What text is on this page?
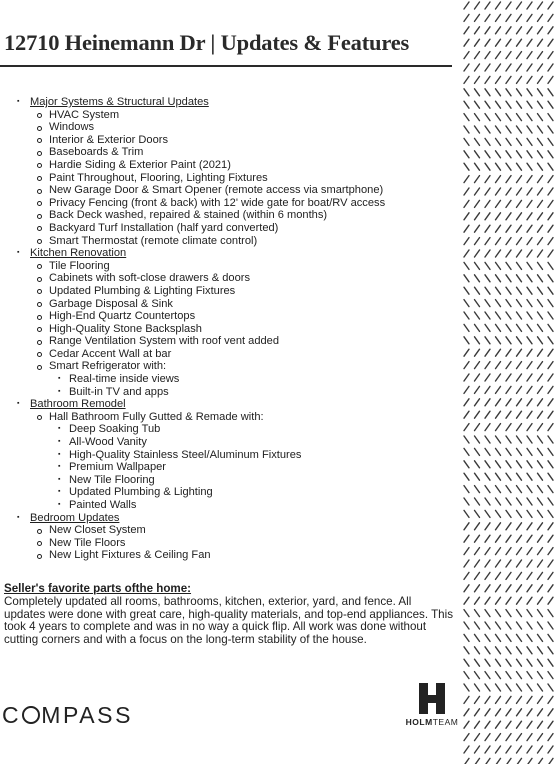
12710 Heinemann Dr | Updates & Features
▪ Major Systems & Structural Updates
HVAC System
Windows
Interior & Exterior Doors
Baseboards & Trim
Hardie Siding & Exterior Paint (2021)
Paint Throughout, Flooring, Lighting Fixtures
New Garage Door & Smart Opener (remote access via smartphone)
Privacy Fencing (front & back) with 12' wide gate for boat/RV access
Back Deck washed, repaired & stained (within 6 months)
Backyard Turf Installation (half yard converted)
Smart Thermostat (remote climate control)
▪ Kitchen Renovation
Tile Flooring
Cabinets with soft-close drawers & doors
Updated Plumbing & Lighting Fixtures
Garbage Disposal & Sink
High-End Quartz Countertops
High-Quality Stone Backsplash
Range Ventilation System with roof vent added
Cedar Accent Wall at bar
Smart Refrigerator with:
▪ Real-time inside views
▪ Built-in TV and apps
▪ Bathroom Remodel
Hall Bathroom Fully Gutted & Remade with:
▪ Deep Soaking Tub
▪ All-Wood Vanity
▪ High-Quality Stainless Steel/Aluminum Fixtures
▪ Premium Wallpaper
▪ New Tile Flooring
▪ Updated Plumbing & Lighting
▪ Painted Walls
▪ Bedroom Updates
New Closet System
New Tile Floors
New Light Fixtures & Ceiling Fan
Seller's favorite parts ofthe home:
Completely updated all rooms, bathrooms, kitchen, exterior, yard, and fence. All updates were done with great care, high-quality materials, and top-end appliances. This took 4 years to complete and was in no way a quick flip. All work was done without cutting corners and with a focus on the long-term stability of the house.
C MPASS	HOLMTEAM
